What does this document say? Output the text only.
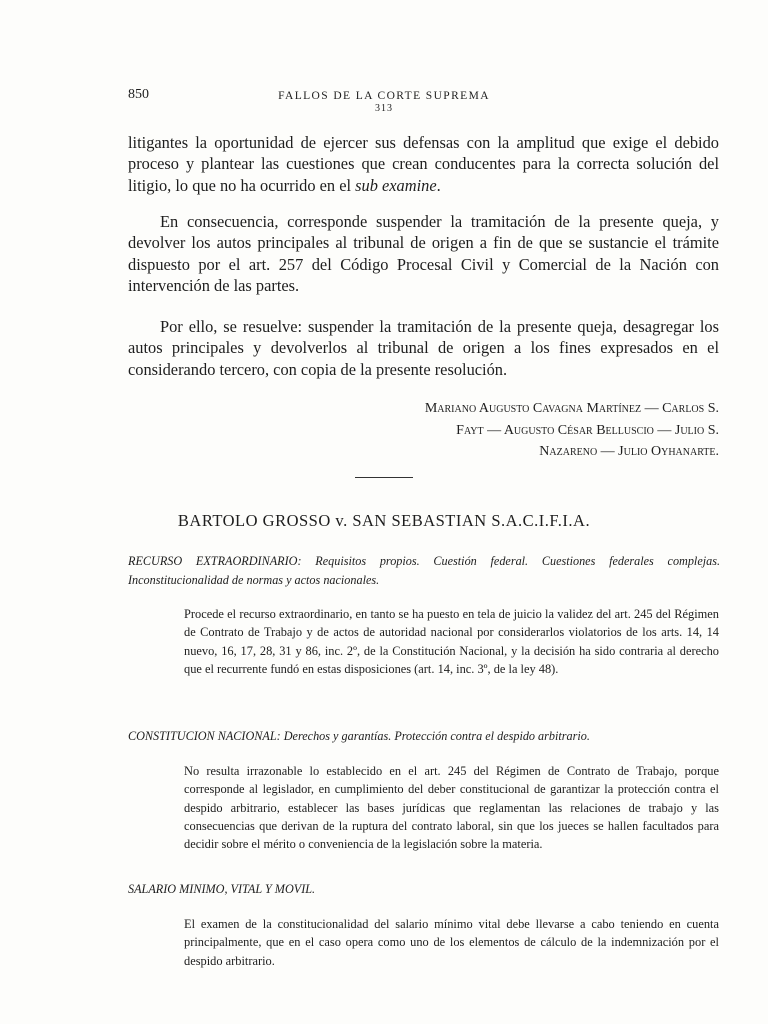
850	FALLOS DE LA CORTE SUPREMA
313

litigantes la oportunidad de ejercer sus defensas con la amplitud que exige el debido proceso y plantear las cuestiones que crean conducentes para la correcta solución del litigio, lo que no ha ocurrido en el sub examine.

En consecuencia, corresponde suspender la tramitación de la presente queja, y devolver los autos principales al tribunal de origen a fin de que se sustancie el trámite dispuesto por el art. 257 del Código Procesal Civil y Comercial de la Nación con intervención de las partes.

Por ello, se resuelve: suspender la tramitación de la presente queja, desagregar los autos principales y devolverlos al tribunal de origen a los fines expresados en el considerando tercero, con copia de la presente resolución.

Mariano Augusto Cavagna Martínez — Carlos S.
Fayt — Augusto César Belluscio — Julio S.
Nazareno — Julio Oyhanarte.
BARTOLO GROSSO v. SAN SEBASTIAN S.A.C.I.F.I.A.
RECURSO EXTRAORDINARIO: Requisitos propios. Cuestión federal. Cuestiones federales complejas. Inconstitucionalidad de normas y actos nacionales.

Procede el recurso extraordinario, en tanto se ha puesto en tela de juicio la validez del art. 245 del Régimen de Contrato de Trabajo y de actos de autoridad nacional por considerarlos violatorios de los arts. 14, 14 nuevo, 16, 17, 28, 31 y 86, inc. 2º, de la Constitución Nacional, y la decisión ha sido contraria al derecho que el recurrente fundó en estas disposiciones (art. 14, inc. 3º, de la ley 48).

CONSTITUCION NACIONAL: Derechos y garantías. Protección contra el despido arbitrario.

No resulta irrazonable lo establecido en el art. 245 del Régimen de Contrato de Trabajo, porque corresponde al legislador, en cumplimiento del deber constitucional de garantizar la protección contra el despido arbitrario, establecer las bases jurídicas que reglamentan las relaciones de trabajo y las consecuencias que derivan de la ruptura del contrato laboral, sin que los jueces se hallen facultados para decidir sobre el mérito o conveniencia de la legislación sobre la materia.

SALARIO MINIMO, VITAL Y MOVIL.

El examen de la constitucionalidad del salario mínimo vital debe llevarse a cabo teniendo en cuenta principalmente, que en el caso opera como uno de los elementos de cálculo de la indemnización por el despido arbitrario.
